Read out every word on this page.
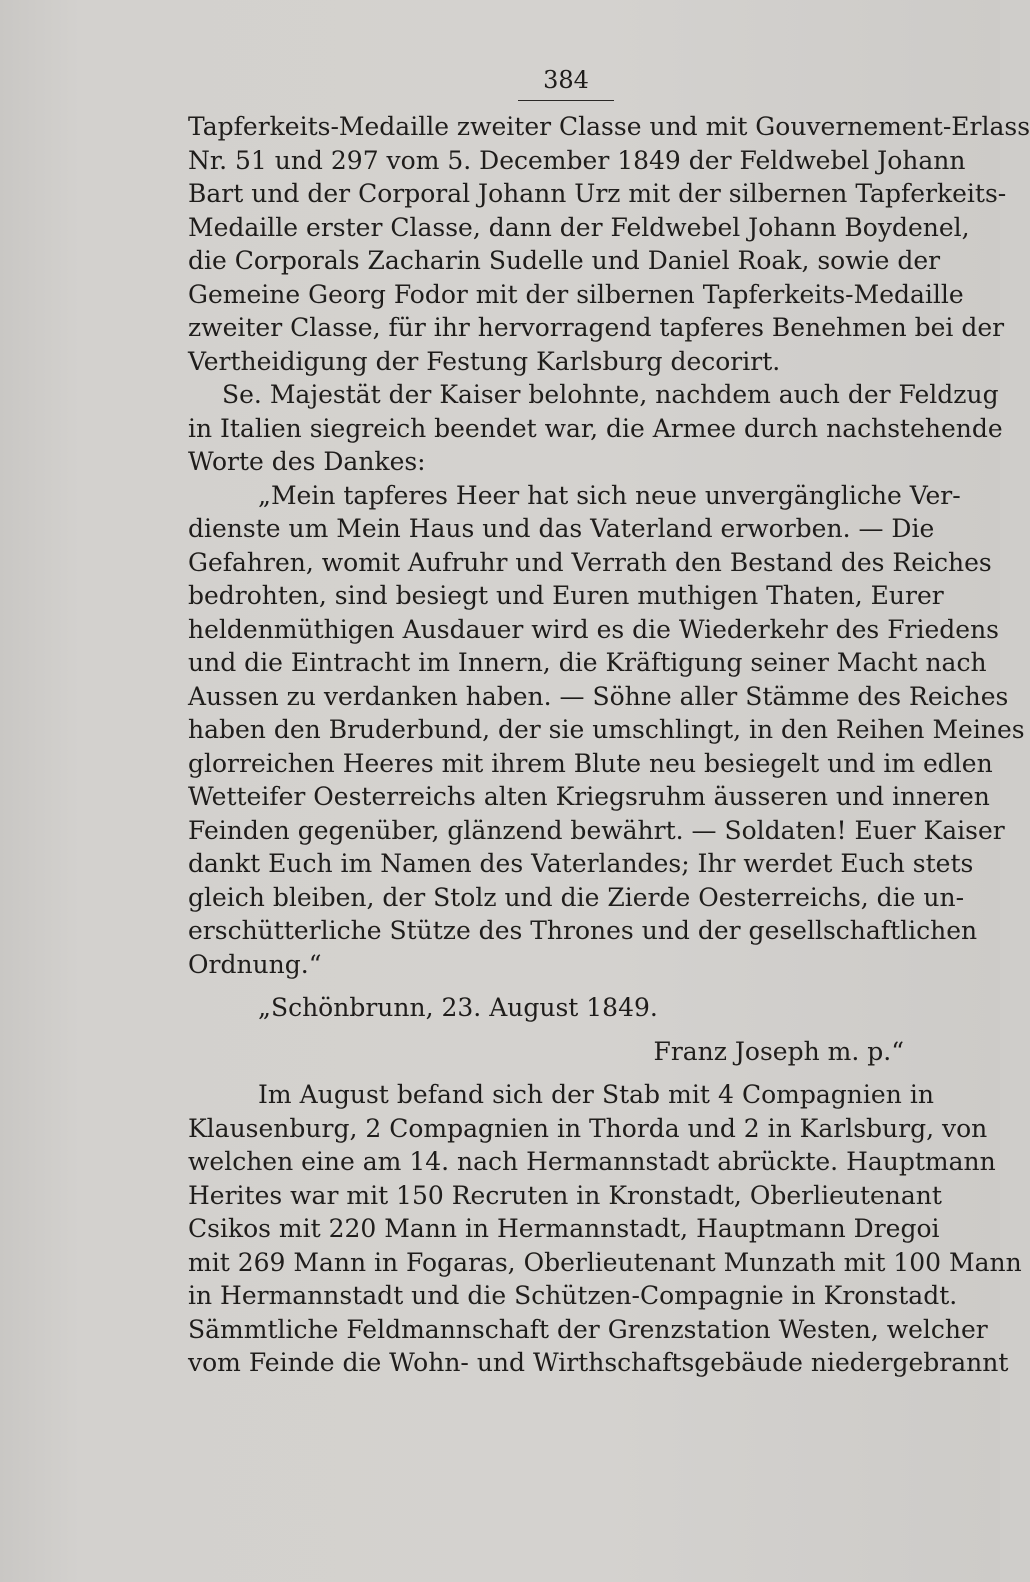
384
Tapferkeits-Medaille zweiter Classe und mit Gouvernement-Erlass
Nr. 51 und 297 vom 5. December 1849 der Feldwebel Johann
Bart und der Corporal Johann Urz mit der silbernen Tapferkeits-
Medaille erster Classe, dann der Feldwebel Johann Boydenel,
die Corporals Zacharin Sudelle und Daniel Roak, sowie der
Gemeine Georg Fodor mit der silbernen Tapferkeits-Medaille
zweiter Classe, für ihr hervorragend tapferes Benehmen bei der
Vertheidigung der Festung Karlsburg decorirt.
Se. Majestät der Kaiser belohnte, nachdem auch der Feldzug
in Italien siegreich beendet war, die Armee durch nachstehende
Worte des Dankes:
„Mein tapferes Heer hat sich neue unvergängliche Ver-
dienste um Mein Haus und das Vaterland erworben. — Die
Gefahren, womit Aufruhr und Verrath den Bestand des Reiches
bedrohten, sind besiegt und Euren muthigen Thaten, Eurer
heldenmüthigen Ausdauer wird es die Wiederkehr des Friedens
und die Eintracht im Innern, die Kräftigung seiner Macht nach
Aussen zu verdanken haben. — Söhne aller Stämme des Reiches
haben den Bruderbund, der sie umschlingt, in den Reihen Meines
glorreichen Heeres mit ihrem Blute neu besiegelt und im edlen
Wetteifer Oesterreichs alten Kriegsruhm äusseren und inneren
Feinden gegenüber, glänzend bewährt. — Soldaten! Euer Kaiser
dankt Euch im Namen des Vaterlandes; Ihr werdet Euch stets
gleich bleiben, der Stolz und die Zierde Oesterreichs, die un-
erschütterliche Stütze des Thrones und der gesellschaftlichen
Ordnung.“
„Schönbrunn, 23. August 1849.
Franz Joseph m. p.“
Im August befand sich der Stab mit 4 Compagnien in
Klausenburg, 2 Compagnien in Thorda und 2 in Karlsburg, von
welchen eine am 14. nach Hermannstadt abrückte. Hauptmann
Herites war mit 150 Recruten in Kronstadt, Oberlieutenant
Csikos mit 220 Mann in Hermannstadt, Hauptmann Dregoi
mit 269 Mann in Fogaras, Oberlieutenant Munzath mit 100 Mann
in Hermannstadt und die Schützen-Compagnie in Kronstadt.
Sämmtliche Feldmannschaft der Grenzstation Westen, welcher
vom Feinde die Wohn- und Wirthschaftsgebäude niedergebrannt
